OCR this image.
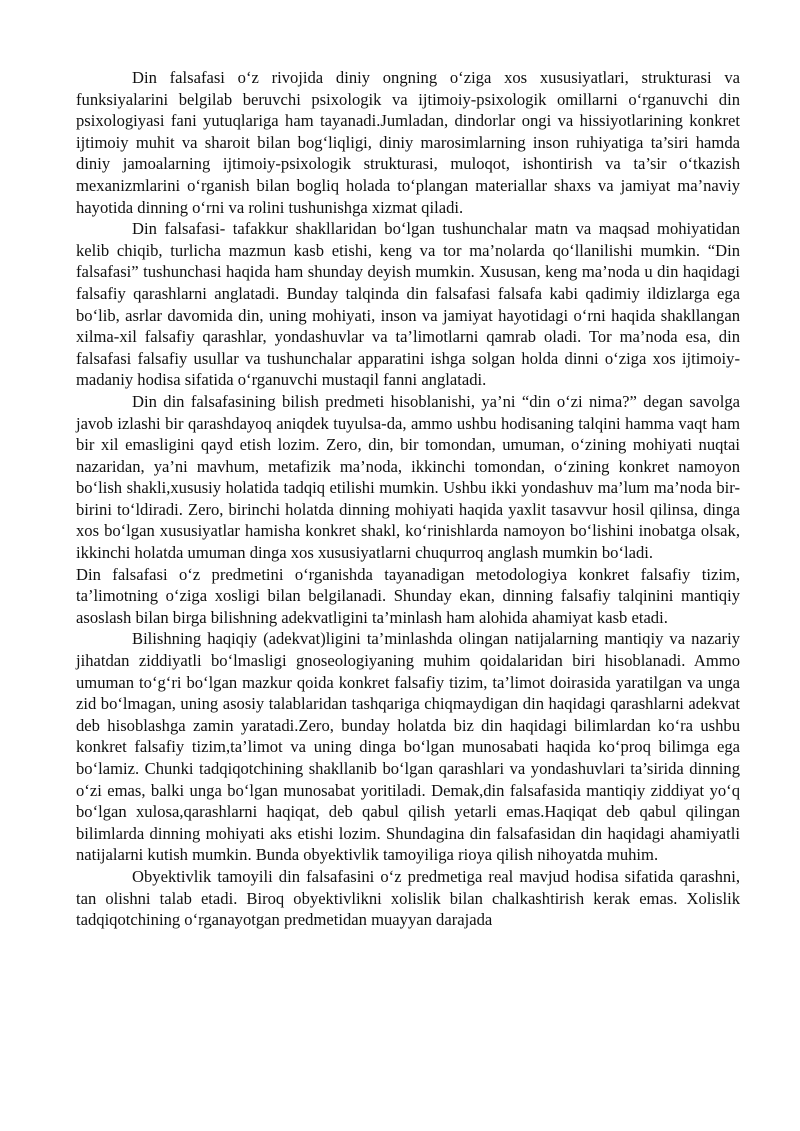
Din falsafasi o‘z rivojida diniy ongning o‘ziga xos xususiyatlari, strukturasi va funksiyalarini belgilab beruvchi psixologik va ijtimoiy-psixologik omillarni o‘rganuvchi din psixologiyasi fani yutuqlariga ham tayanadi.Jumladan, dindorlar ongi va hissiyotlarining konkret ijtimoiy muhit va sharoit bilan bog‘liqligi, diniy marosimlarning inson ruhiyatiga ta’siri hamda diniy jamoalarning ijtimoiy-psixologik strukturasi, muloqot, ishontirish va ta’sir o‘tkazish mexanizmlarini o‘rganish bilan bogliq holada to‘plangan materiallar shaxs va jamiyat ma’naviy hayotida dinning o‘rni va rolini tushunishga xizmat qiladi.

Din falsafasi- tafakkur shakllaridan bo‘lgan tushunchalar matn va maqsad mohiyatidan kelib chiqib, turlicha mazmun kasb etishi, keng va tor ma’nolarda qo‘llanilishi mumkin. “Din falsafasi” tushunchasi haqida ham shunday deyish mumkin. Xususan, keng ma’noda u din haqidagi falsafiy qarashlarni anglatadi. Bunday talqinda din falsafasi falsafa kabi qadimiy ildizlarga ega bo‘lib, asrlar davomida din, uning mohiyati, inson va jamiyat hayotidagi o‘rni haqida shakllangan xilma-xil falsafiy qarashlar, yondashuvlar va ta’limotlarni qamrab oladi. Tor ma’noda esa, din falsafasi falsafiy usullar va tushunchalar apparatini ishga solgan holda dinni o‘ziga xos ijtimoiy-madaniy hodisa sifatida o‘rganuvchi mustaqil fanni anglatadi.

Din din falsafasining bilish predmeti hisoblanishi, ya’ni “din o‘zi nima?” degan savolga javob izlashi bir qarashdayoq aniqdek tuyulsa-da, ammo ushbu hodisaning talqini hamma vaqt ham bir xil emasligini qayd etish lozim. Zero, din, bir tomondan, umuman, o‘zining mohiyati nuqtai nazaridan, ya’ni mavhum, metafizik ma’noda, ikkinchi tomondan, o‘zining konkret namoyon bo‘lish shakli,xususiy holatida tadqiq etilishi mumkin. Ushbu ikki yondashuv ma’lum ma’noda bir-birini to‘ldiradi. Zero, birinchi holatda dinning mohiyati haqida yaxlit tasavvur hosil qilinsa, dinga xos bo‘lgan xususiyatlar hamisha konkret shakl, ko‘rinishlarda namoyon bo‘lishini inobatga olsak, ikkinchi holatda umuman dinga xos xususiyatlarni chuqurroq anglash mumkin bo‘ladi.

Din falsafasi o‘z predmetini o‘rganishda tayanadigan metodologiya konkret falsafiy tizim, ta’limotning o‘ziga xosligi bilan belgilanadi. Shunday ekan, dinning falsafiy talqinini mantiqiy asoslash bilan birga bilishning adekvatligini ta’minlash ham alohida ahamiyat kasb etadi.

Bilishning haqiqiy (adekvat)ligini ta’minlashda olingan natijalarning mantiqiy va nazariy jihatdan ziddiyatli bo‘lmasligi gnoseologiyaning muhim qoidalaridan biri hisoblanadi. Ammo umuman to‘g‘ri bo‘lgan mazkur qoida konkret falsafiy tizim, ta’limot doirasida yaratilgan va unga zid bo‘lmagan, uning asosiy talablaridan tashqariga chiqmaydigan din haqidagi qarashlarni adekvat deb hisoblashga zamin yaratadi.Zero, bunday holatda biz din haqidagi bilimlardan ko‘ra ushbu konkret falsafiy tizim,ta’limot va uning dinga bo‘lgan munosabati haqida ko‘proq bilimga ega bo‘lamiz. Chunki tadqiqotchining shakllanib bo‘lgan qarashlari va yondashuvlari ta’sirida dinning o‘zi emas, balki unga bo‘lgan munosabat yoritiladi. Demak,din falsafasida mantiqiy ziddiyat yo‘q bo‘lgan xulosa,qarashlarni haqiqat, deb qabul qilish yetarli emas.Haqiqat deb qabul qilingan bilimlarda dinning mohiyati aks etishi lozim. Shundagina din falsafasidan din haqidagi ahamiyatli natijalarni kutish mumkin. Bunda obyektivlik tamoyiliga rioya qilish nihoyatda muhim.

Obyektivlik tamoyili din falsafasini o‘z predmetiga real mavjud hodisa sifatida qarashni, tan olishni talab etadi. Biroq obyektivlikni xolislik bilan chalkashtirish kerak emas. Xolislik tadqiqotchining o‘rganayotgan predmetidan muayyan darajada
